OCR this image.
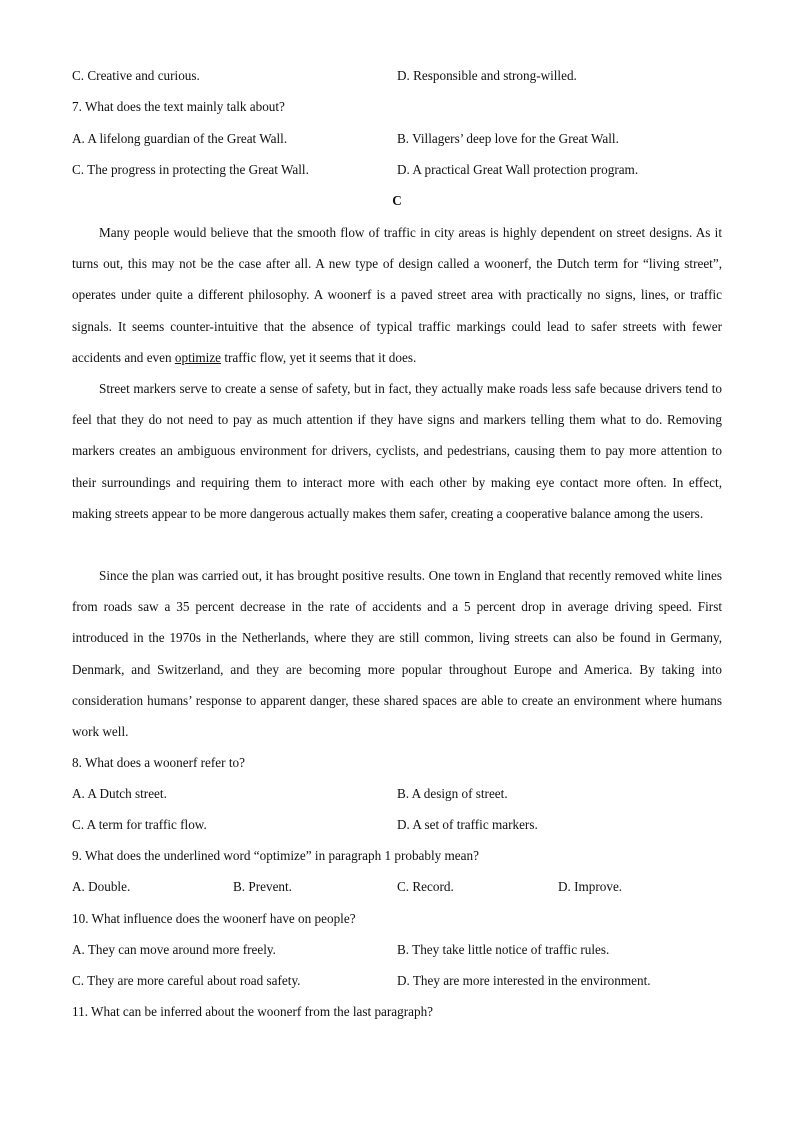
C. Creative and curious.	D. Responsible and strong-willed.
7. What does the text mainly talk about?
A. A lifelong guardian of the Great Wall.	B. Villagers’ deep love for the Great Wall.
C. The progress in protecting the Great Wall.	D. A practical Great Wall protection program.
C
Many people would believe that the smooth flow of traffic in city areas is highly dependent on street designs. As it turns out, this may not be the case after all. A new type of design called a woonerf, the Dutch term for “living street”, operates under quite a different philosophy. A woonerf is a paved street area with practically no signs, lines, or traffic signals. It seems counter-intuitive that the absence of typical traffic markings could lead to safer streets with fewer accidents and even optimize traffic flow, yet it seems that it does.
Street markers serve to create a sense of safety, but in fact, they actually make roads less safe because drivers tend to feel that they do not need to pay as much attention if they have signs and markers telling them what to do. Removing markers creates an ambiguous environment for drivers, cyclists, and pedestrians, causing them to pay more attention to their surroundings and requiring them to interact more with each other by making eye contact more often. In effect, making streets appear to be more dangerous actually makes them safer, creating a cooperative balance among the users.
Since the plan was carried out, it has brought positive results. One town in England that recently removed white lines from roads saw a 35 percent decrease in the rate of accidents and a 5 percent drop in average driving speed. First introduced in the 1970s in the Netherlands, where they are still common, living streets can also be found in Germany, Denmark, and Switzerland, and they are becoming more popular throughout Europe and America. By taking into consideration humans’ response to apparent danger, these shared spaces are able to create an environment where humans work well.
8. What does a woonerf refer to?
A. A Dutch street.	B. A design of street.
C. A term for traffic flow.	D. A set of traffic markers.
9. What does the underlined word “optimize” in paragraph 1 probably mean?
A. Double.	B. Prevent.	C. Record.	D. Improve.
10. What influence does the woonerf have on people?
A. They can move around more freely.	B. They take little notice of traffic rules.
C. They are more careful about road safety.	D. They are more interested in the environment.
11. What can be inferred about the woonerf from the last paragraph?
